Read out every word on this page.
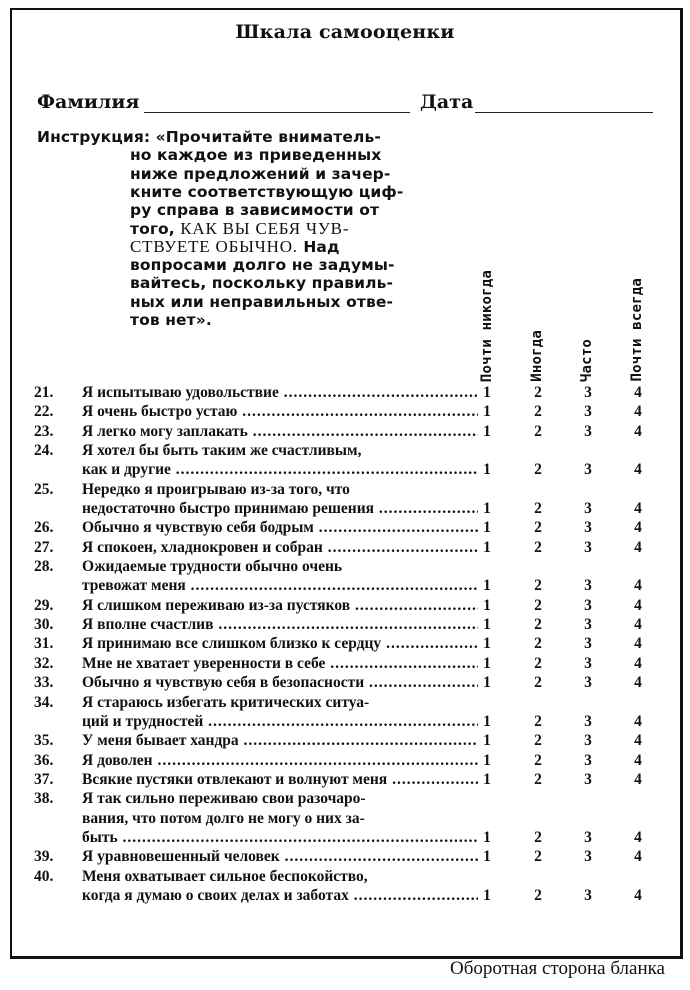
Шкала самооценки
Фамилия	Дата
Инструкция: «Прочитайте вниматель-
но каждое из приведенных
ниже предложений и зачер-
кните соответствующую циф-
ру справа в зависимости от
того, КАК ВЫ СЕБЯ ЧУВ-
СТВУЕТЕ ОБЫЧНО. Над
вопросами долго не задумы-
вайтесь, поскольку правиль-
ных или неправильных отве-
тов нет».	Почти никогда Иногда Часто Почти всегда
21. Я испытываю удовольствие .....	1	2	3	4
22. Я очень быстро устаю .....	1	2	3	4
23. Я легко могу заплакать .....	1	2	3	4
24. Я хотел бы быть таким же счастливым,
как и другие .....	1	2	3	4
25. Нередко я проигрываю из-за того, что
недостаточно быстро принимаю решения .....	1	2	3	4
26. Обычно я чувствую себя бодрым .....	1	2	3	4
27. Я спокоен, хладнокровен и собран .....	1	2	3	4
28. Ожидаемые трудности обычно очень
тревожат меня .....	1	2	3	4
29. Я слишком переживаю из-за пустяков .....	1	2	3	4
30. Я вполне счастлив .....	1	2	3	4
31. Я принимаю все слишком близко к сердцу .....	1	2	3	4
32. Мне не хватает уверенности в себе .....	1	2	3	4
33. Обычно я чувствую себя в безопасности .....	1	2	3	4
34. Я стараюсь избегать критических ситуа-
ций и трудностей .....	1	2	3	4
35. У меня бывает хандра .....	1	2	3	4
36. Я доволен .....	1	2	3	4
37. Всякие пустяки отвлекают и волнуют меня .....	1	2	3	4
38. Я так сильно переживаю свои разочаро-
вания, что потом долго не могу о них за-
быть .....	1	2	3	4
39. Я уравновешенный человек .....	1	2	3	4
40. Меня охватывает сильное беспокойство,
когда я думаю о своих делах и заботах .....	1	2	3	4
Оборотная сторона бланка
